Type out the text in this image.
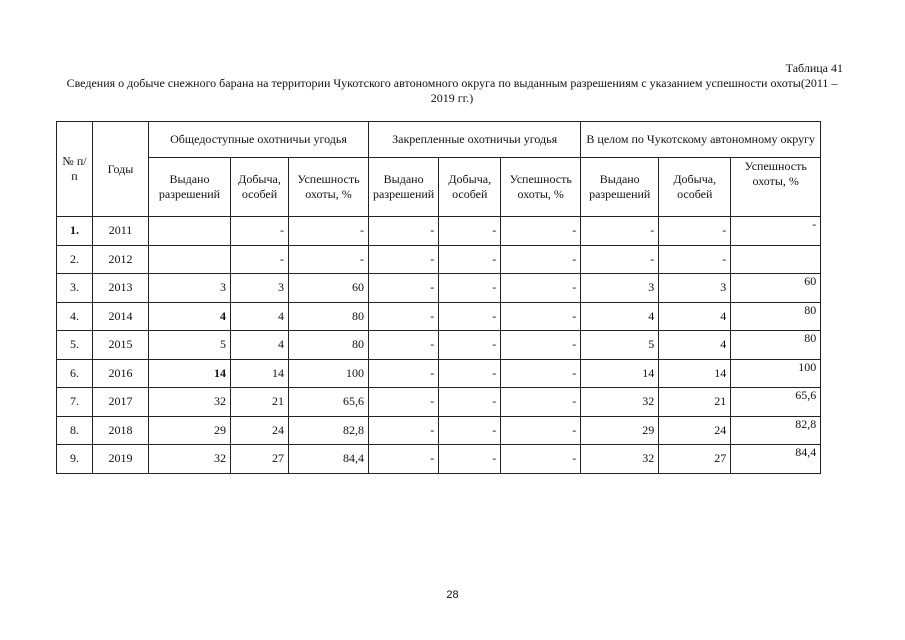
Таблица 41
Сведения о добыче снежного барана на территории Чукотского автономного округа по выданным разрешениям с указанием успешности охоты(2011 – 2019 гг.)
№ п/п	Годы	Общедоступные охотничьи угодья			Закрепленные охотничьи угодья			В целом по Чукотскому автономному округу		
		Выдано разрешений	Добыча, особей	Успешность охоты, %	Выдано разрешений	Добыча, особей	Успешность охоты, %	Выдано разрешений	Добыча, особей	Успешность охоты, %
1.	2011		-	-	-	-	-	-	-	-
2.	2012		-	-	-	-	-	-	-	
3.	2013	3	3	60	-	-	-	3	3	60
4.	2014	4	4	80	-	-	-	4	4	80
5.	2015	5	4	80	-	-	-	5	4	80
6.	2016	14	14	100	-	-	-	14	14	100
7.	2017	32	21	65,6	-	-	-	32	21	65,6
8.	2018	29	24	82,8	-	-	-	29	24	82,8
9.	2019	32	27	84,4	-	-	-	32	27	84,4
28
